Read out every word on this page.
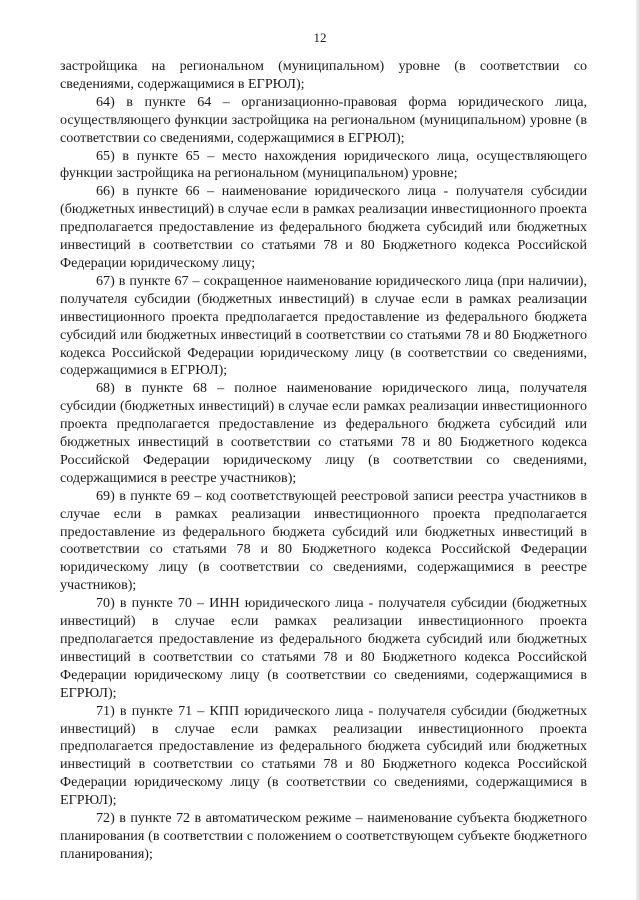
12

застройщика на региональном (муниципальном) уровне (в соответствии со сведениями, содержащимися в ЕГРЮЛ);

64) в пункте 64 – организационно-правовая форма юридического лица, осуществляющего функции застройщика на региональном (муниципальном) уровне (в соответствии со сведениями, содержащимися в ЕГРЮЛ);

65) в пункте 65 – место нахождения юридического лица, осуществляющего функции застройщика на региональном (муниципальном) уровне;

66) в пункте 66 – наименование юридического лица - получателя субсидии (бюджетных инвестиций) в случае если в рамках реализации инвестиционного проекта предполагается предоставление из федерального бюджета субсидий или бюджетных инвестиций в соответствии со статьями 78 и 80 Бюджетного кодекса Российской Федерации юридическому лицу;

67) в пункте 67 – сокращенное наименование юридического лица (при наличии), получателя субсидии (бюджетных инвестиций) в случае если в рамках реализации инвестиционного проекта предполагается предоставление из федерального бюджета субсидий или бюджетных инвестиций в соответствии со статьями 78 и 80 Бюджетного кодекса Российской Федерации юридическому лицу (в соответствии со сведениями, содержащимися в ЕГРЮЛ);

68) в пункте 68 – полное наименование юридического лица, получателя субсидии (бюджетных инвестиций) в случае если рамках реализации инвестиционного проекта предполагается предоставление из федерального бюджета субсидий или бюджетных инвестиций в соответствии со статьями 78 и 80 Бюджетного кодекса Российской Федерации юридическому лицу (в соответствии со сведениями, содержащимися в реестре участников);

69) в пункте 69 – код соответствующей реестровой записи реестра участников в случае если в рамках реализации инвестиционного проекта предполагается предоставление из федерального бюджета субсидий или бюджетных инвестиций в соответствии со статьями 78 и 80 Бюджетного кодекса Российской Федерации юридическому лицу (в соответствии со сведениями, содержащимися в реестре участников);

70) в пункте 70 – ИНН юридического лица - получателя субсидии (бюджетных инвестиций) в случае если рамках реализации инвестиционного проекта предполагается предоставление из федерального бюджета субсидий или бюджетных инвестиций в соответствии со статьями 78 и 80 Бюджетного кодекса Российской Федерации юридическому лицу (в соответствии со сведениями, содержащимися в ЕГРЮЛ);

71) в пункте 71 – КПП юридического лица - получателя субсидии (бюджетных инвестиций) в случае если рамках реализации инвестиционного проекта предполагается предоставление из федерального бюджета субсидий или бюджетных инвестиций в соответствии со статьями 78 и 80 Бюджетного кодекса Российской Федерации юридическому лицу (в соответствии со сведениями, содержащимися в ЕГРЮЛ);

72) в пункте 72 в автоматическом режиме – наименование субъекта бюджетного планирования (в соответствии с положением о соответствующем субъекте бюджетного планирования);
